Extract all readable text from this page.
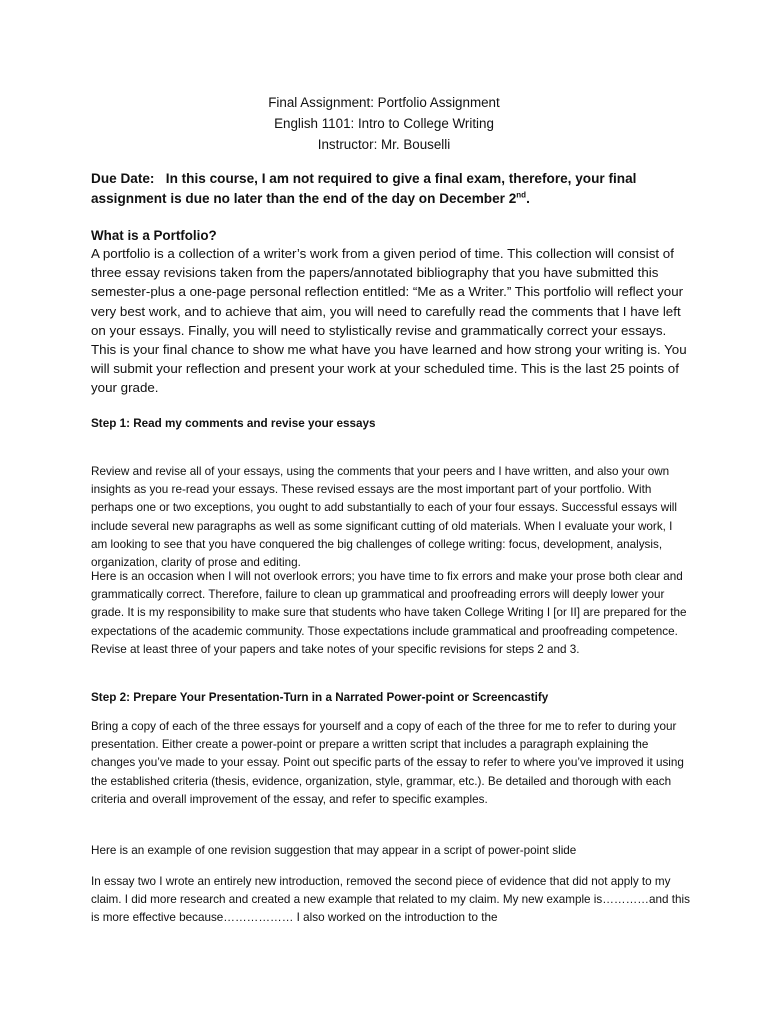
Final Assignment: Portfolio Assignment
English 1101: Intro to College Writing
Instructor: Mr. Bouselli
Due Date: In this course, I am not required to give a final exam, therefore, your final assignment is due no later than the end of the day on December 2nd.
What is a Portfolio?

A portfolio is a collection of a writer’s work from a given period of time. This collection will consist of three essay revisions taken from the papers/annotated bibliography that you have submitted this semester-plus a one-page personal reflection entitled: “Me as a Writer.” This portfolio will reflect your very best work, and to achieve that aim, you will need to carefully read the comments that I have left on your essays. Finally, you will need to stylistically revise and grammatically correct your essays. This is your final chance to show me what have you have learned and how strong your writing is. You will submit your reflection and present your work at your scheduled time. This is the last 25 points of your grade.

Step 1: Read my comments and revise your essays

Review and revise all of your essays, using the comments that your peers and I have written, and also your own insights as you re-read your essays. These revised essays are the most important part of your portfolio. With perhaps one or two exceptions, you ought to add substantially to each of your four essays. Successful essays will include several new paragraphs as well as some significant cutting of old materials. When I evaluate your work, I am looking to see that you have conquered the big challenges of college writing: focus, development, analysis, organization, clarity of prose and editing.

Here is an occasion when I will not overlook errors; you have time to fix errors and make your prose both clear and grammatically correct. Therefore, failure to clean up grammatical and proofreading errors will deeply lower your grade. It is my responsibility to make sure that students who have taken College Writing I [or II] are prepared for the expectations of the academic community. Those expectations include grammatical and proofreading competence. Revise at least three of your papers and take notes of your specific revisions for steps 2 and 3.

Step 2: Prepare Your Presentation-Turn in a Narrated Power-point or Screencastify

Bring a copy of each of the three essays for yourself and a copy of each of the three for me to refer to during your presentation. Either create a power-point or prepare a written script that includes a paragraph explaining the changes you’ve made to your essay. Point out specific parts of the essay to refer to where you’ve improved it using the established criteria (thesis, evidence, organization, style, grammar, etc.). Be detailed and thorough with each criteria and overall improvement of the essay, and refer to specific examples.

Here is an example of one revision suggestion that may appear in a script of power-point slide

In essay two I wrote an entirely new introduction, removed the second piece of evidence that did not apply to my claim. I did more research and created a new example that related to my claim. My new example is…………and this is more effective because……………… I also worked on the introduction to the
